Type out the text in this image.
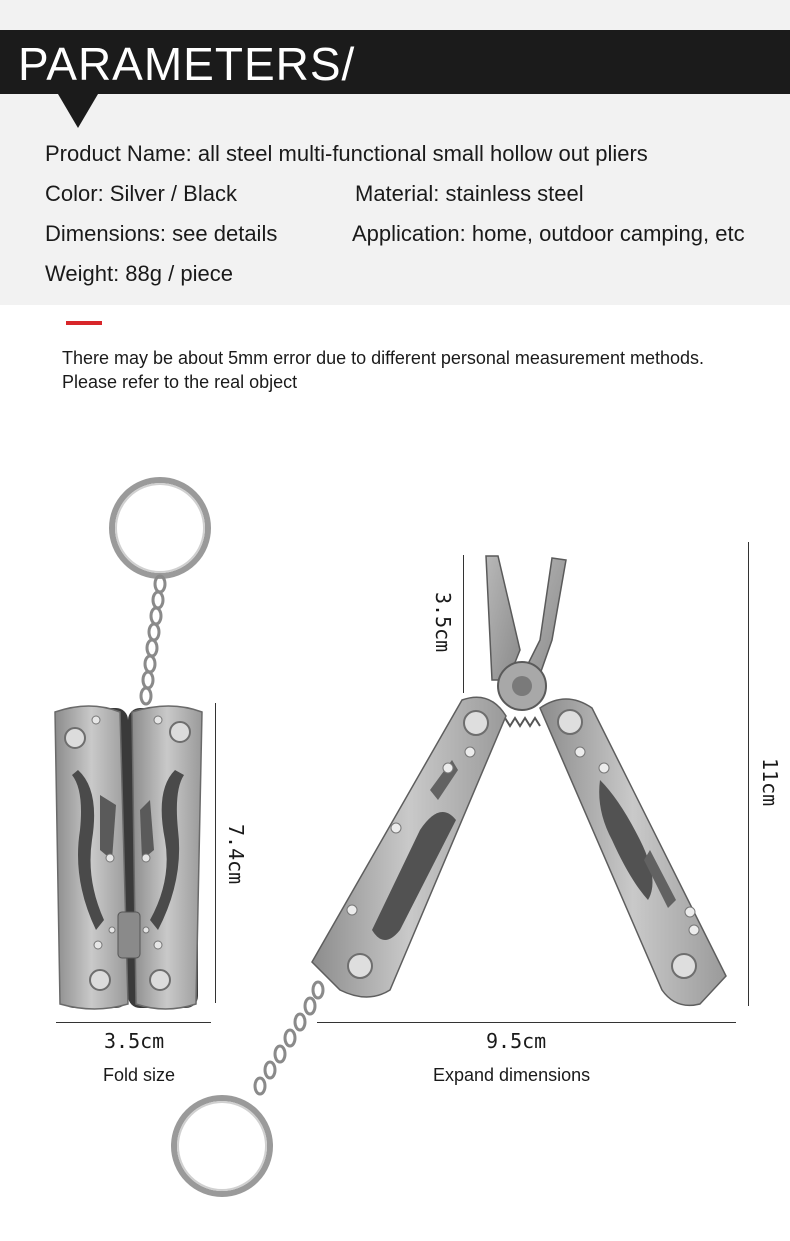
PARAMETERS/
Product Name: all steel multi-functional small hollow out pliers
Color: Silver / Black	Material: stainless steel
Dimensions: see details	Application: home, outdoor camping, etc
Weight: 88g / piece
There may be about 5mm error due to different personal measurement methods.
Please refer to the real object
7.4cm
3.5cm
3.5cm
11cm
9.5cm
Fold size	Expand dimensions
